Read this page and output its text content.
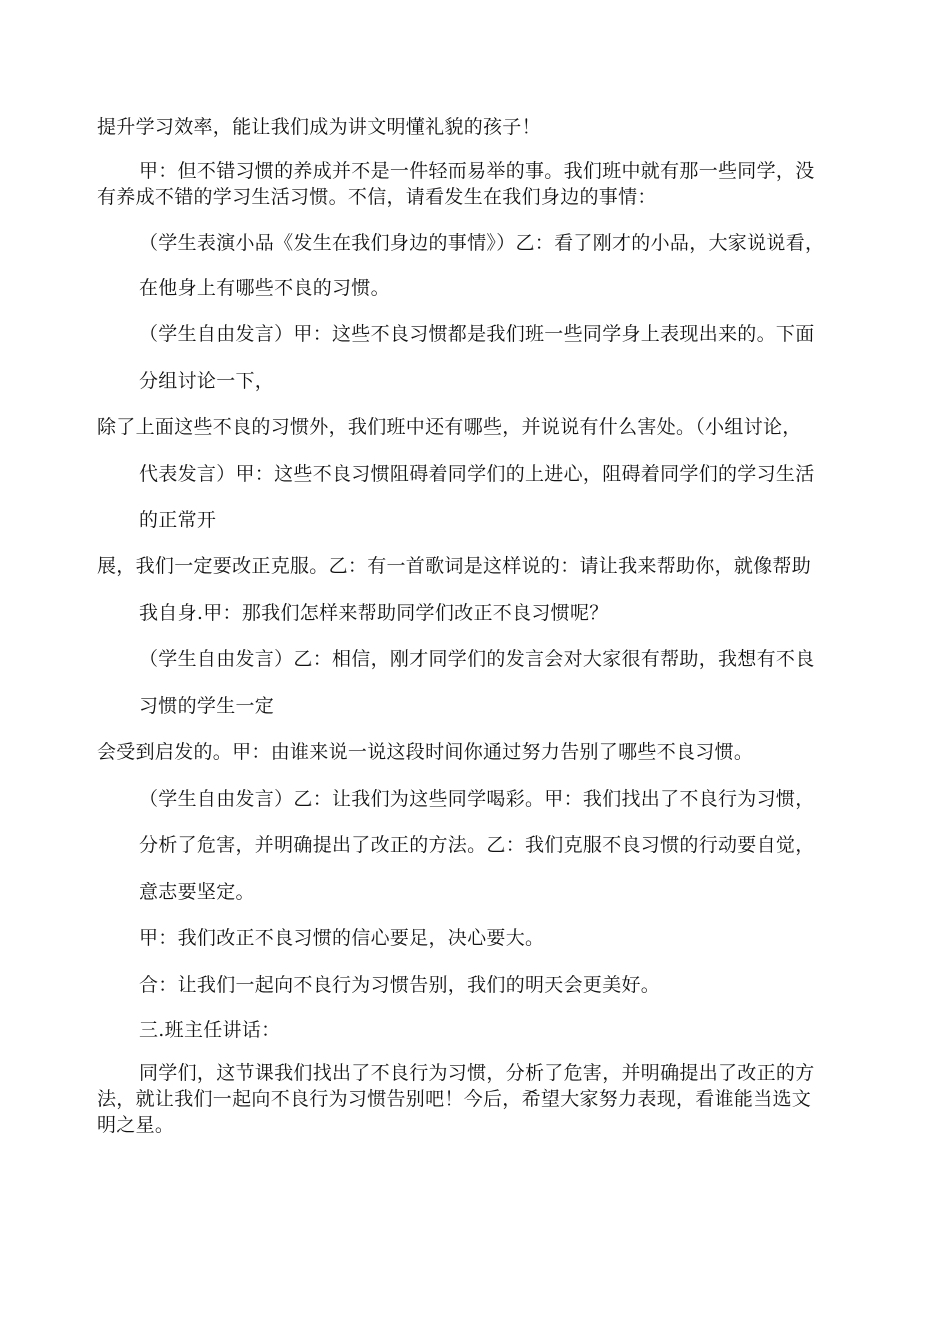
提升学习效率，能让我们成为讲文明懂礼貌的孩子！
甲：但不错习惯的养成并不是一件轻而易举的事。我们班中就有那一些同学，没
有养成不错的学习生活习惯。不信，请看发生在我们身边的事情：
（学生表演小品《发生在我们身边的事情》）乙：看了刚才的小品，大家说说看，
在他身上有哪些不良的习惯。
（学生自由发言）甲：这些不良习惯都是我们班一些同学身上表现出来的。下面
分组讨论一下，
除了上面这些不良的习惯外，我们班中还有哪些，并说说有什么害处。（小组讨论，
代表发言）甲：这些不良习惯阻碍着同学们的上进心，阻碍着同学们的学习生活
的正常开
展，我们一定要改正克服。乙：有一首歌词是这样说的：请让我来帮助你，就像帮助
我自身.甲：那我们怎样来帮助同学们改正不良习惯呢？
（学生自由发言）乙：相信，刚才同学们的发言会对大家很有帮助，我想有不良
习惯的学生一定
会受到启发的。甲：由谁来说一说这段时间你通过努力告别了哪些不良习惯。
（学生自由发言）乙：让我们为这些同学喝彩。甲：我们找出了不良行为习惯，
分析了危害，并明确提出了改正的方法。乙：我们克服不良习惯的行动要自觉，
意志要坚定。
甲：我们改正不良习惯的信心要足，决心要大。
合：让我们一起向不良行为习惯告别，我们的明天会更美好。
三.班主任讲话：
同学们，这节课我们找出了不良行为习惯，分析了危害，并明确提出了改正的方
法，就让我们一起向不良行为习惯告别吧！今后，希望大家努力表现，看谁能当选文
明之星。
